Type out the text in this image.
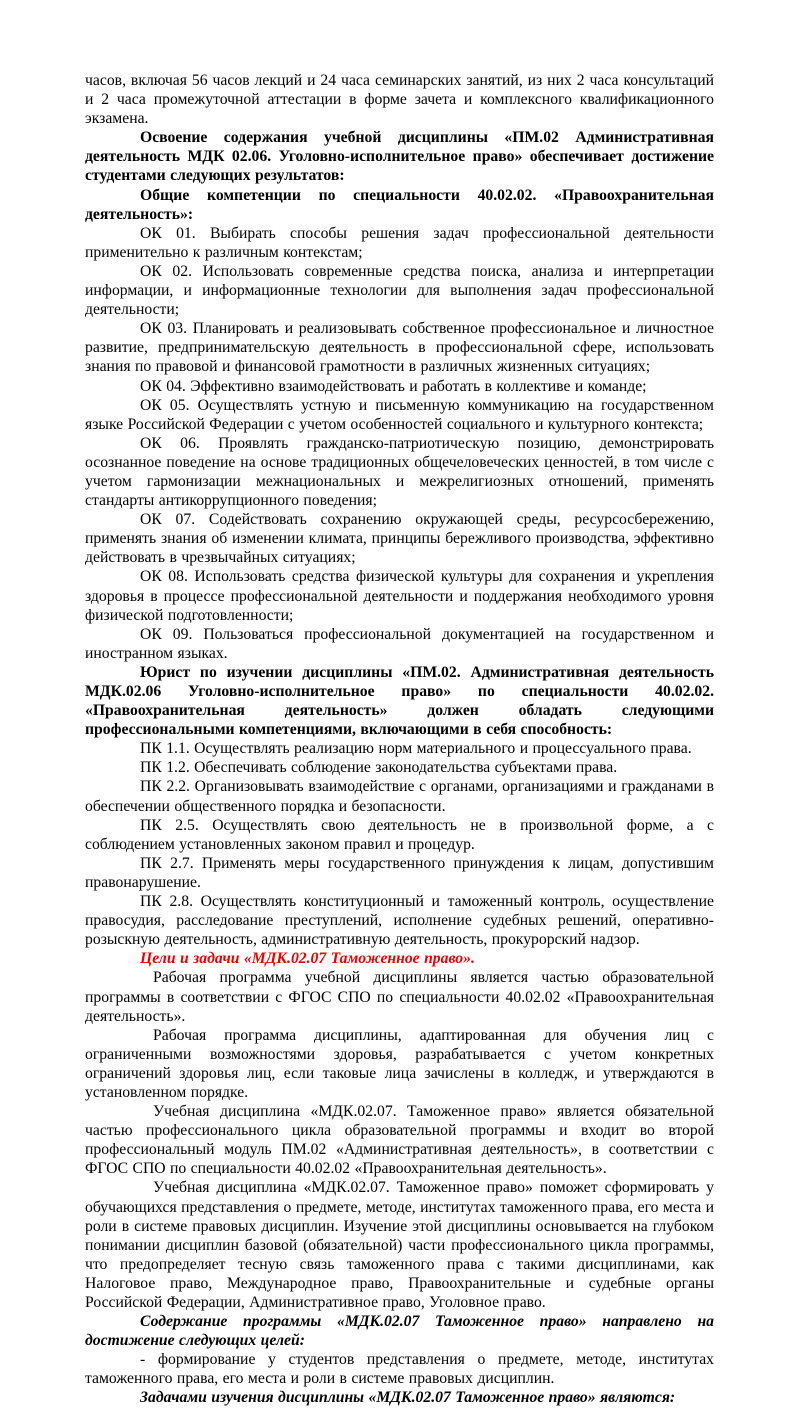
часов, включая 56 часов лекций и 24 часа семинарских занятий, из них 2 часа консультаций и 2 часа промежуточной аттестации в форме зачета и комплексного квалификационного экзамена.

Освоение содержания учебной дисциплины «ПМ.02 Административная деятельность МДК 02.06. Уголовно-исполнительное право» обеспечивает достижение студентами следующих результатов:

Общие компетенции по специальности 40.02.02. «Правоохранительная деятельность»:

ОК 01. Выбирать способы решения задач профессиональной деятельности применительно к различным контекстам;

ОК 02. Использовать современные средства поиска, анализа и интерпретации информации, и информационные технологии для выполнения задач профессиональной деятельности;

ОК 03. Планировать и реализовывать собственное профессиональное и личностное развитие, предпринимательскую деятельность в профессиональной сфере, использовать знания по правовой и финансовой грамотности в различных жизненных ситуациях;

ОК 04. Эффективно взаимодействовать и работать в коллективе и команде;

ОК 05. Осуществлять устную и письменную коммуникацию на государственном языке Российской Федерации с учетом особенностей социального и культурного контекста;

ОК 06. Проявлять гражданско-патриотическую позицию, демонстрировать осознанное поведение на основе традиционных общечеловеческих ценностей, в том числе с учетом гармонизации межнациональных и межрелигиозных отношений, применять стандарты антикоррупционного поведения;

ОК 07. Содействовать сохранению окружающей среды, ресурсосбережению, применять знания об изменении климата, принципы бережливого производства, эффективно действовать в чрезвычайных ситуациях;

ОК 08. Использовать средства физической культуры для сохранения и укрепления здоровья в процессе профессиональной деятельности и поддержания необходимого уровня физической подготовленности;

ОК 09. Пользоваться профессиональной документацией на государственном и иностранном языках.

Юрист по изучении дисциплины «ПМ.02. Административная деятельность МДК.02.06 Уголовно-исполнительное право» по специальности 40.02.02. «Правоохранительная деятельность» должен обладать следующими профессиональными компетенциями, включающими в себя способность:

ПК 1.1. Осуществлять реализацию норм материального и процессуального права.

ПК 1.2. Обеспечивать соблюдение законодательства субъектами права.

ПК 2.2. Организовывать взаимодействие с органами, организациями и гражданами в обеспечении общественного порядка и безопасности.

ПК 2.5. Осуществлять свою деятельность не в произвольной форме, а с соблюдением установленных законом правил и процедур.

ПК 2.7. Применять меры государственного принуждения к лицам, допустившим правонарушение.

ПК 2.8. Осуществлять конституционный и таможенный контроль, осуществление правосудия, расследование преступлений, исполнение судебных решений, оперативно-розыскную деятельность, административную деятельность, прокурорский надзор.

Цели и задачи «МДК.02.07 Таможенное право».

Рабочая программа учебной дисциплины является частью образовательной программы в соответствии с ФГОС СПО по специальности 40.02.02 «Правоохранительная деятельность».

Рабочая программа дисциплины, адаптированная для обучения лиц с ограниченными возможностями здоровья, разрабатывается с учетом конкретных ограничений здоровья лиц, если таковые лица зачислены в колледж, и утверждаются в установленном порядке.

Учебная дисциплина «МДК.02.07. Таможенное право» является обязательной частью профессионального цикла образовательной программы и входит во второй профессиональный модуль ПМ.02 «Административная деятельность», в соответствии с ФГОС СПО по специальности 40.02.02 «Правоохранительная деятельность».

Учебная дисциплина «МДК.02.07. Таможенное право» поможет сформировать у обучающихся представления о предмете, методе, институтах таможенного права, его места и роли в системе правовых дисциплин. Изучение этой дисциплины основывается на глубоком понимании дисциплин базовой (обязательной) части профессионального цикла программы, что предопределяет тесную связь таможенного права с такими дисциплинами, как Налоговое право, Международное право, Правоохранительные и судебные органы Российской Федерации, Административное право, Уголовное право.

Содержание программы «МДК.02.07 Таможенное право» направлено на достижение следующих целей:

- формирование у студентов представления о предмете, методе, институтах таможенного права, его места и роли в системе правовых дисциплин.

Задачами изучения дисциплины «МДК.02.07 Таможенное право» являются:
